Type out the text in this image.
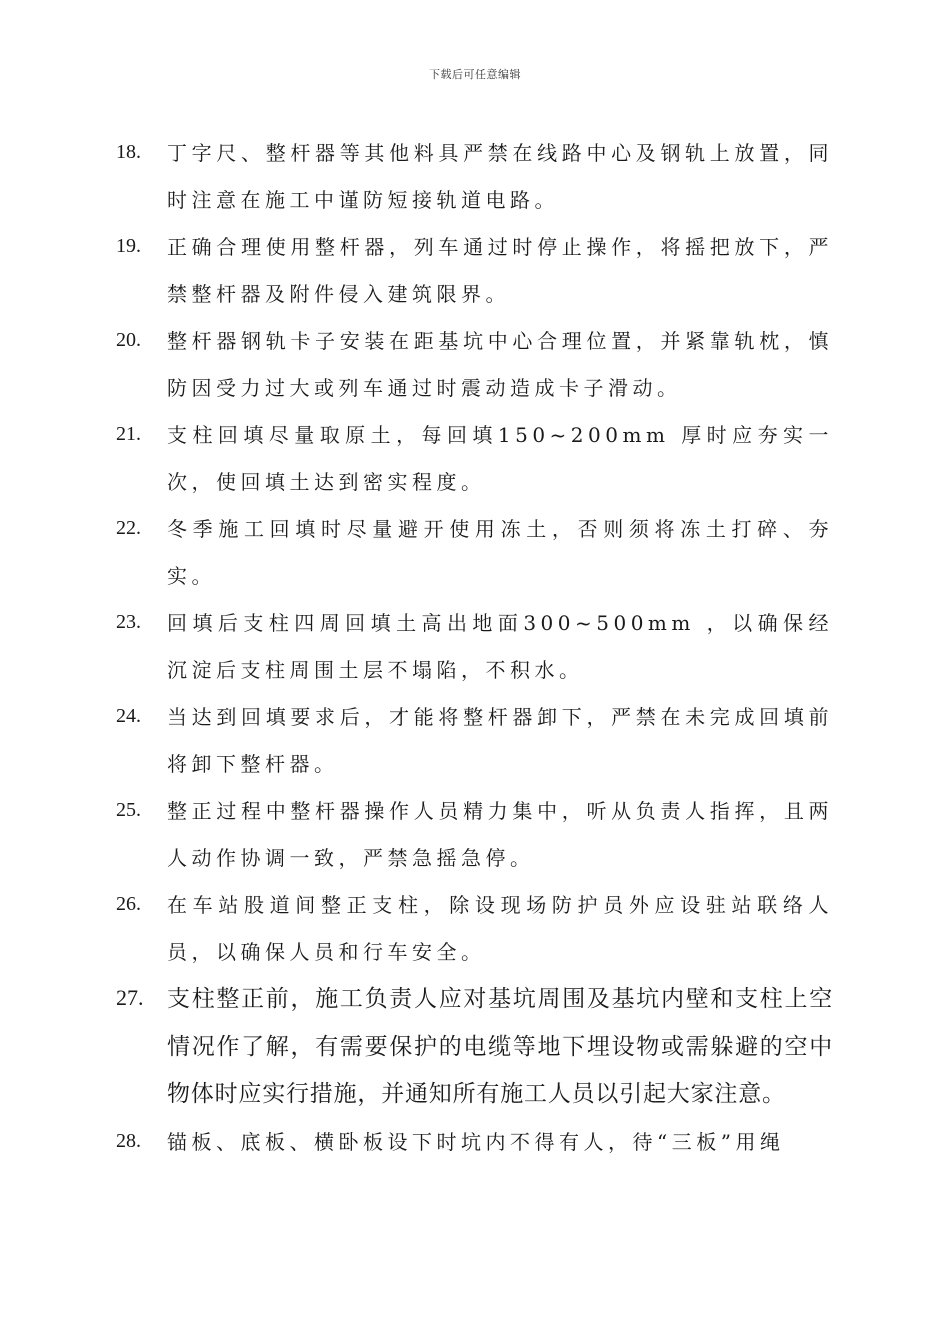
下载后可任意编辑
18. 丁字尺、整杆器等其他料具严禁在线路中心及钢轨上放置，同时注意在施工中谨防短接轨道电路。
19. 正确合理使用整杆器，列车通过时停止操作，将摇把放下，严禁整杆器及附件侵入建筑限界。
20. 整杆器钢轨卡子安装在距基坑中心合理位置，并紧靠轨枕，慎防因受力过大或列车通过时震动造成卡子滑动。
21. 支柱回填尽量取原土，每回填150~200mm 厚时应夯实一次，使回填土达到密实程度。
22. 冬季施工回填时尽量避开使用冻土，否则须将冻土打碎、夯实。
23. 回填后支柱四周回填土高出地面300~500mm ，以确保经沉淀后支柱周围土层不塌陷，不积水。
24. 当达到回填要求后，才能将整杆器卸下，严禁在未完成回填前将卸下整杆器。
25. 整正过程中整杆器操作人员精力集中，听从负责人指挥，且两人动作协调一致，严禁急摇急停。
26. 在车站股道间整正支柱，除设现场防护员外应设驻站联络人员，以确保人员和行车安全。
27. 支柱整正前，施工负责人应对基坑周围及基坑内壁和支柱上空情况作了解，有需要保护的电缆等地下埋设物或需躲避的空中物体时应实行措施，并通知所有施工人员以引起大家注意。
28. 锚板、底板、横卧板设下时坑内不得有人，待“三板”用绳
